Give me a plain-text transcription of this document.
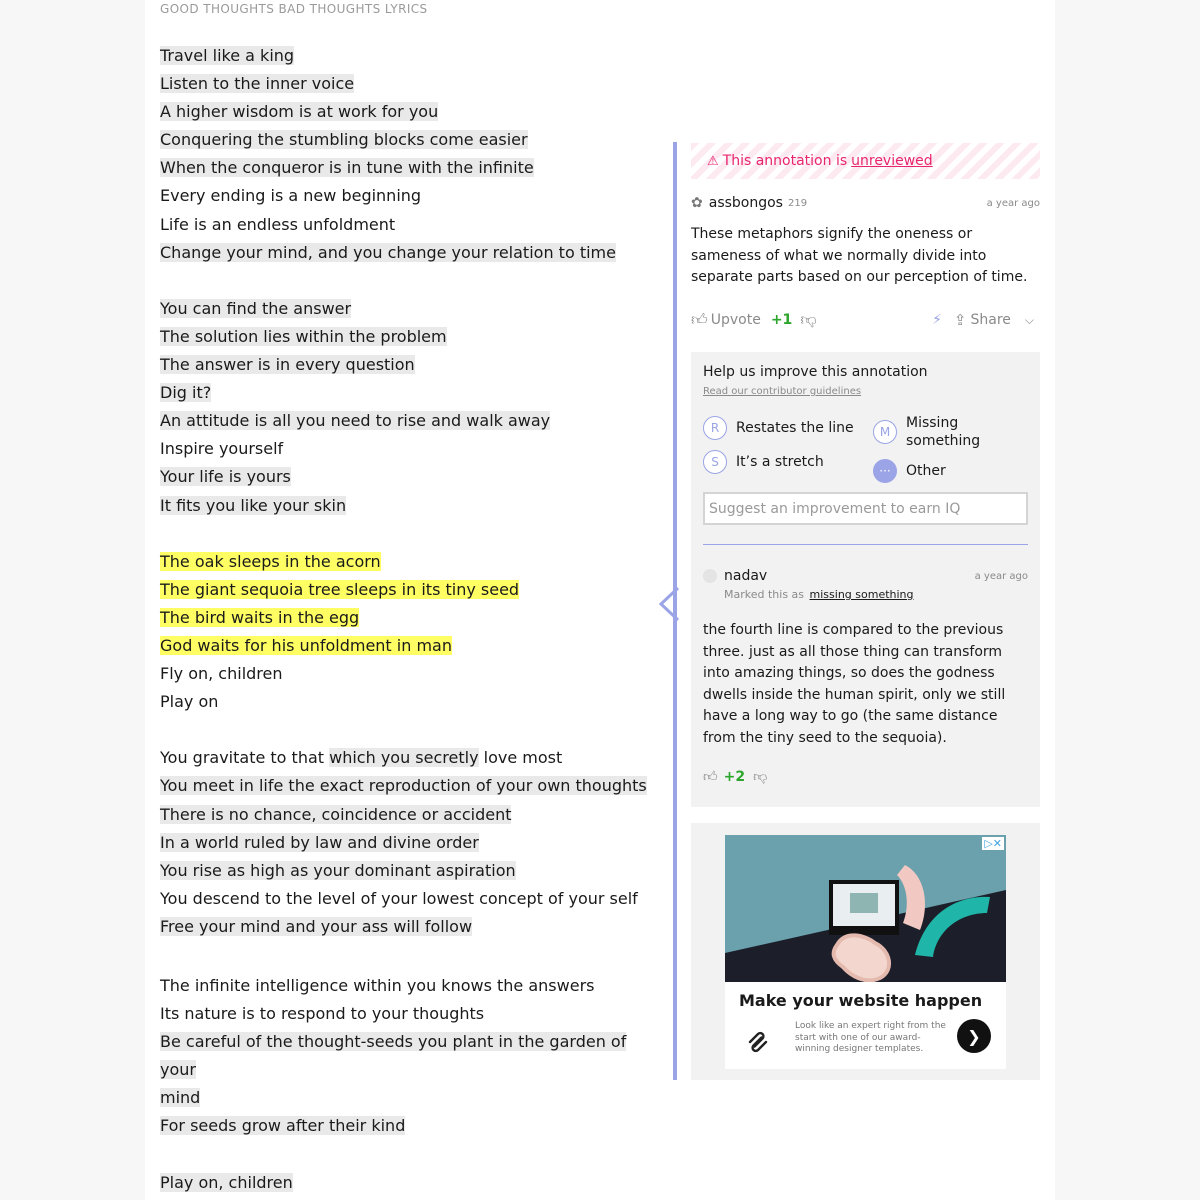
GOOD THOUGHTS BAD THOUGHTS LYRICS
Travel like a king
Listen to the inner voice
A higher wisdom is at work for you
Conquering the stumbling blocks come easier
When the conqueror is in tune with the infinite
Every ending is a new beginning
Life is an endless unfoldment
Change your mind, and you change your relation to time
You can find the answer
The solution lies within the problem
The answer is in every question
Dig it?
An attitude is all you need to rise and walk away
Inspire yourself
Your life is yours
It fits you like your skin
The oak sleeps in the acorn
The giant sequoia tree sleeps in its tiny seed
The bird waits in the egg
God waits for his unfoldment in man
Fly on, children
Play on
You gravitate to that which you secretly love most
You meet in life the exact reproduction of your own thoughts
There is no chance, coincidence or accident
In a world ruled by law and divine order
You rise as high as your dominant aspiration
You descend to the level of your lowest concept of your self
Free your mind and your ass will follow
The infinite intelligence within you knows the answers
Its nature is to respond to your thoughts
Be careful of the thought-seeds you plant in the garden of your
mind
For seeds grow after their kind
Play on, children
⚠ This annotation is unreviewed
✿ assbongos 219	a year ago
These metaphors signify the oneness or sameness of what we normally divide into separate parts based on our perception of time.
👍︎ Upvote +1 👎︎	⚡︎ ⇪ Share ⌵
Help us improve this annotation
Read our contributor guidelines
R	Restates the line
S	It’s a stretch
M
Missing something
···	Other
Suggest an improvement to earn IQ
nadav	a year ago
Marked this as missing something
the fourth line is compared to the previous three. just as all those thing can transform into amazing things, so does the godness dwells inside the human spirit, only we still have a long way to go (the same distance from the tiny seed to the sequoia).
👍︎ +2 👎︎
▷ ✕
Make your website happen
Look like an expert right from the start with one of our award-winning designer templates.
❯
